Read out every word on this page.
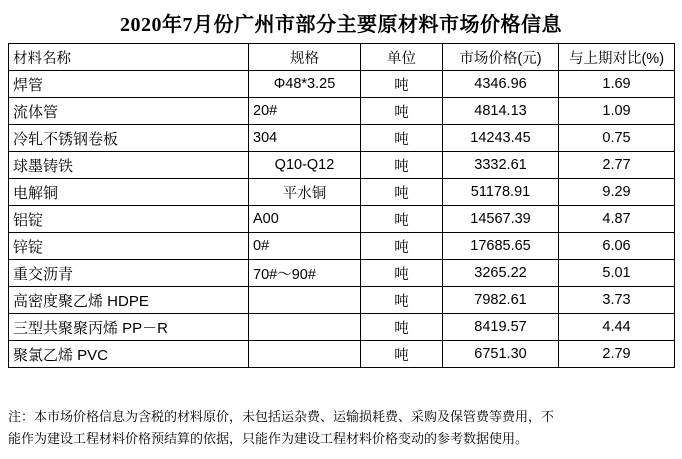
2020年7月份广州市部分主要原材料市场价格信息
材料名称	规格	单位	市场价格(元)	与上期对比(%)
焊管	Φ48*3.25	吨	4346.96	1.69
流体管	20#	吨	4814.13	1.09
冷轧不锈钢卷板	304	吨	14243.45	0.75
球墨铸铁	Q10-Q12	吨	3332.61	2.77
电解铜	平水铜	吨	51178.91	9.29
铝锭	A00	吨	14567.39	4.87
锌锭	0#	吨	17685.65	6.06
重交沥青	70#～90#	吨	3265.22	5.01
高密度聚乙烯 HDPE		吨	7982.61	3.73
三型共聚聚丙烯 PP－R		吨	8419.57	4.44
聚氯乙烯 PVC		吨	6751.30	2.79
注：本市场价格信息为含税的材料原价，未包括运杂费、运输损耗费、采购及保管费等费用，不
能作为建设工程材料价格预结算的依据，只能作为建设工程材料价格变动的参考数据使用。
